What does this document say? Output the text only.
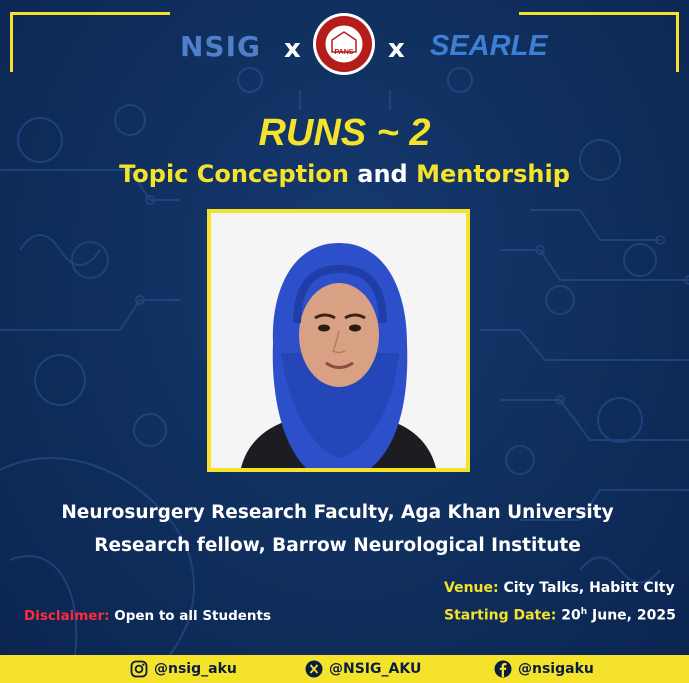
NSIG x	PANS x SEARLE
RUNS ~ 2
Topic Conception and Mentorship
Neurosurgery Research Faculty, Aga Khan University
Research fellow, Barrow Neurological Institute
Venue: City Talks, Habitt CIty
Starting Date: 20$^h$ June, 2025
Disclaimer: Open to all Students
@nsig_aku	@NSIG_AKU	@nsigaku
